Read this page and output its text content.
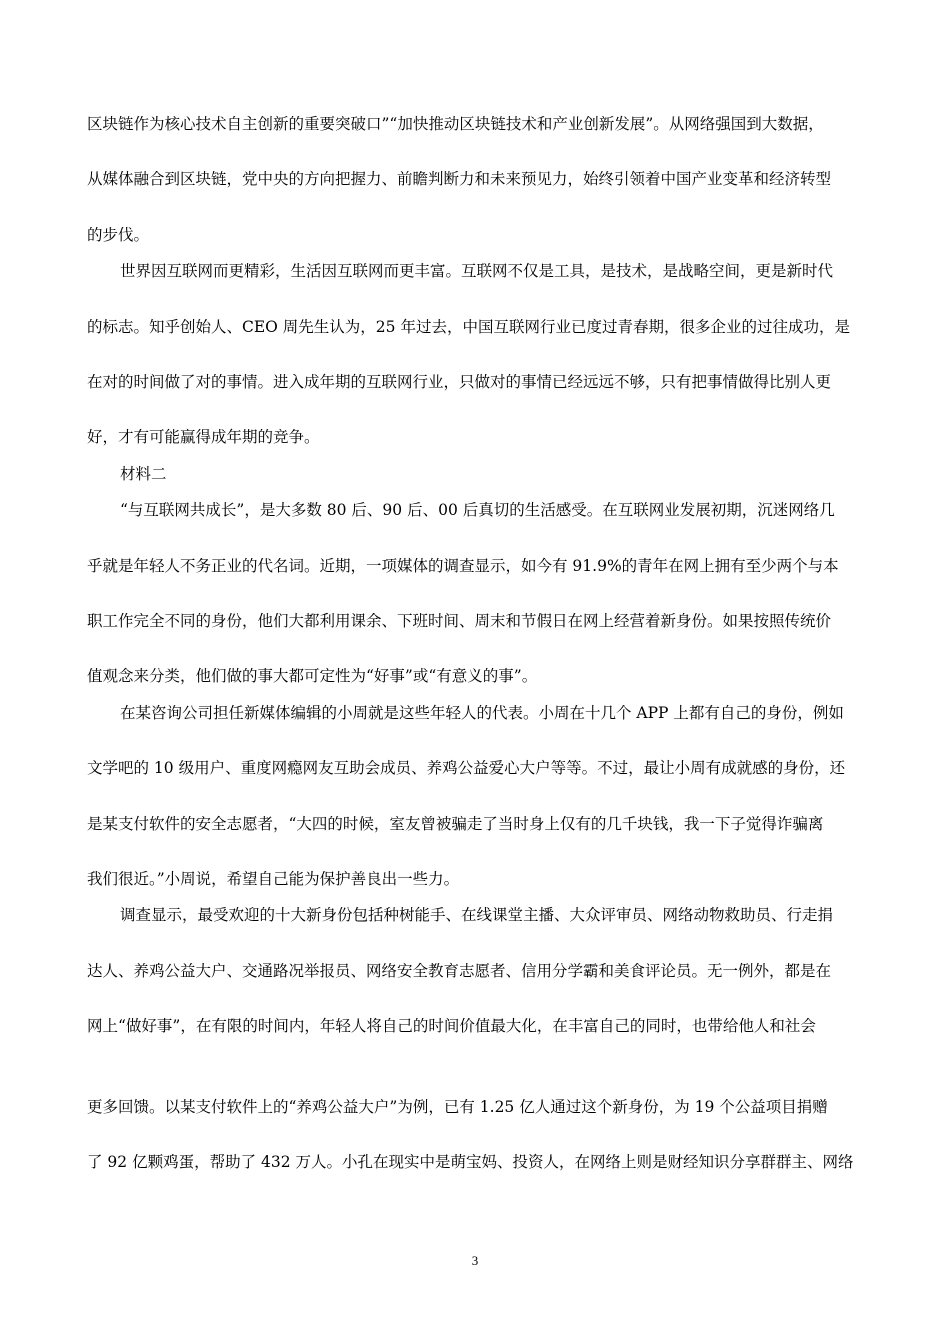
区块链作为核心技术自主创新的重要突破口”“加快推动区块链技术和产业创新发展”。从网络强国到大数据，

从媒体融合到区块链，党中央的方向把握力、前瞻判断力和未来预见力，始终引领着中国产业变革和经济转型

的步伐。

世界因互联网而更精彩，生活因互联网而更丰富。互联网不仅是工具，是技术，是战略空间，更是新时代

的标志。知乎创始人、CEO 周先生认为，25 年过去，中国互联网行业已度过青春期，很多企业的过往成功，是

在对的时间做了对的事情。进入成年期的互联网行业，只做对的事情已经远远不够，只有把事情做得比别人更

好，才有可能赢得成年期的竞争。

材料二

“与互联网共成长”，是大多数 80 后、90 后、00 后真切的生活感受。在互联网业发展初期，沉迷网络几

乎就是年轻人不务正业的代名词。近期，一项媒体的调查显示，如今有 91.9%的青年在网上拥有至少两个与本

职工作完全不同的身份，他们大都利用课余、下班时间、周末和节假日在网上经营着新身份。如果按照传统价

值观念来分类，他们做的事大都可定性为“好事”或“有意义的事”。

在某咨询公司担任新媒体编辑的小周就是这些年轻人的代表。小周在十几个 APP 上都有自己的身份，例如

文学吧的 10 级用户、重度网瘾网友互助会成员、养鸡公益爱心大户等等。不过，最让小周有成就感的身份，还

是某支付软件的安全志愿者，“大四的时候，室友曾被骗走了当时身上仅有的几千块钱，我一下子觉得诈骗离

我们很近。”小周说，希望自己能为保护善良出一些力。

调查显示，最受欢迎的十大新身份包括种树能手、在线课堂主播、大众评审员、网络动物救助员、行走捐

达人、养鸡公益大户、交通路况举报员、网络安全教育志愿者、信用分学霸和美食评论员。无一例外，都是在

网上“做好事”，在有限的时间内，年轻人将自己的时间价值最大化，在丰富自己的同时，也带给他人和社会

更多回馈。以某支付软件上的“养鸡公益大户”为例，已有 1.25 亿人通过这个新身份，为 19 个公益项目捐赠

了 92 亿颗鸡蛋，帮助了 432 万人。小孔在现实中是萌宝妈、投资人，在网络上则是财经知识分享群群主、网络

3
